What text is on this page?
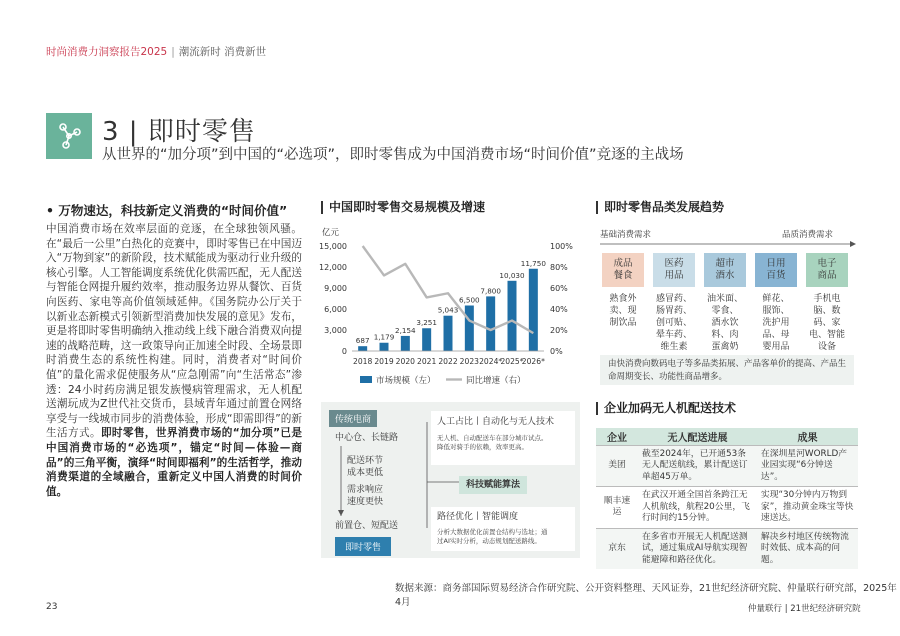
时尚消费力洞察报告2025 | 潮流新时 消费新世
3 | 即时零售
从世界的“加分项”到中国的“必选项”，即时零售成为中国消费市场“时间价值”竞逐的主战场
• 万物速达，科技新定义消费的“时间价值”
中国消费市场在效率层面的竞逐，在全球独领风骚。在“最后一公里”白热化的竞赛中，即时零售已在中国迈入“万物到家”的新阶段，技术赋能成为驱动行业升级的核心引擎。人工智能调度系统优化供需匹配，无人配送与智能仓网提升履约效率，推动服务边界从餐饮、百货向医药、家电等高价值领域延伸。《国务院办公厅关于以新业态新模式引领新型消费加快发展的意见》发布，更是将即时零售明确纳入推动线上线下融合消费双向提速的战略范畴，这一政策导向正加速全时段、全场景即时消费生态的系统性构建。同时，消费者对“时间价值”的量化需求促使服务从“应急刚需”向“生活常态”渗透：24小时药房满足银发族慢病管理需求，无人机配送潮玩成为Z世代社交货币，县域青年通过前置仓网络享受与一线城市同步的消费体验，形成“即需即得”的新生活方式。即时零售，世界消费市场的“加分项”已是中国消费市场的“必选项”，锚定“时间—体验—商品”的三角平衡，演绎“时间即福利”的生活哲学，推动消费渠道的全域融合，重新定义中国人消费的时间价值。
中国即时零售交易规模及增速
亿元
0
3,000
6,000
9,000
12,000
15,000
0%
20%
40%
60%
80%
100%
687 1,179
2,154
3,251
5,043
6,500
7,800
10,030
11,750
2018 2019 2020 2021 2022 2023 2024*
2025*
2026*
市场规模（左）	同比增速（右）
传统电商
中心仓、长链路
配送环节
成本更低
需求响应
速度更快
前置仓、短配送
即时零售
人工占比丨自动化与无人技术
无人机、自动配送车在部分城市试点。
降低对骑手的依赖，效率更高。
科技赋能算法
路径优化丨智能调度
分析大数据优化前置仓结构与选址；通
过AI实时分析，动态规划配送路线。
即时零售品类发展趋势
基础消费需求	品质消费需求
成品
餐食
熟食外
卖、现
制饮品
医药
用品
感冒药、
肠胃药、
创可贴、
晕车药、
维生素
超市
酒水
油米面、
零食、
酒水饮
料、肉
蛋禽奶
日用
百货
鲜花、
服饰、
洗护用
品、母
婴用品
电子
商品
手机电
脑、数
码、家
电、智能
设备
由快消费向数码电子等多品类拓展、产品客单价的提高、产品生命周期变长、功能性商品增多。
企业加码无人机配送技术
企业	无人配送进展	成果
美团	截至2024年，已开通53条无人配送航线，累计配送订单超45万单。	在深圳星河WORLD产业园实现“6分钟送达”。
顺丰速运	在武汉开通全国首条跨江无人机航线，航程20公里，飞行时间约15分钟。	实现“30分钟内万物到家”，推动黄金珠宝等快速送达。
京东	在多省市开展无人机配送测试，通过集成AI导航实现智能避障和路径优化。	解决乡村地区传统物流时效低、成本高的问题。
数据来源：商务部国际贸易经济合作研究院、公开资料整理、天风证券，21世纪经济研究院、仲量联行研究部，2025年4月
23	仲量联行 | 21世纪经济研究院
